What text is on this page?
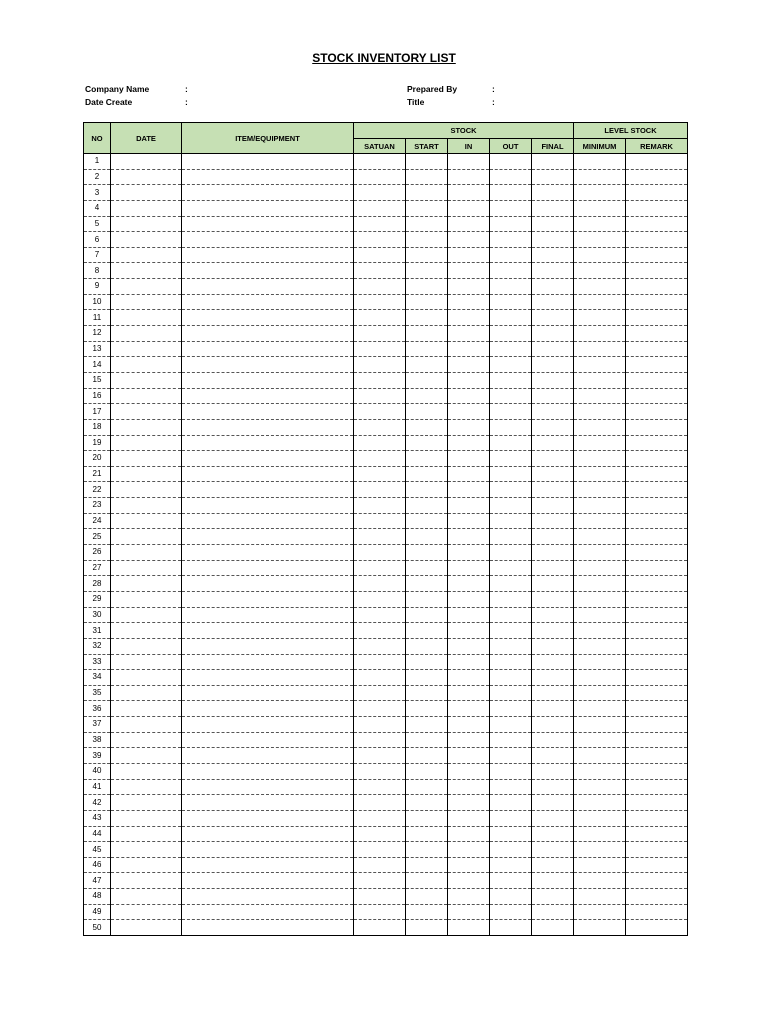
STOCK INVENTORY LIST
Company Name	:
Date Create	:
Prepared By	:
Title	:
NO	DATE	ITEM/EQUIPMENT	STOCK					LEVEL STOCK	
			SATUAN	START	IN	OUT	FINAL	MINIMUM	REMARK
1									
2									
3									
4									
5									
6									
7									
8									
9									
10									
11									
12									
13									
14									
15									
16									
17									
18									
19									
20									
21									
22									
23									
24									
25									
26									
27									
28									
29									
30									
31									
32									
33									
34									
35									
36									
37									
38									
39									
40									
41									
42									
43									
44									
45									
46									
47									
48									
49									
50									
